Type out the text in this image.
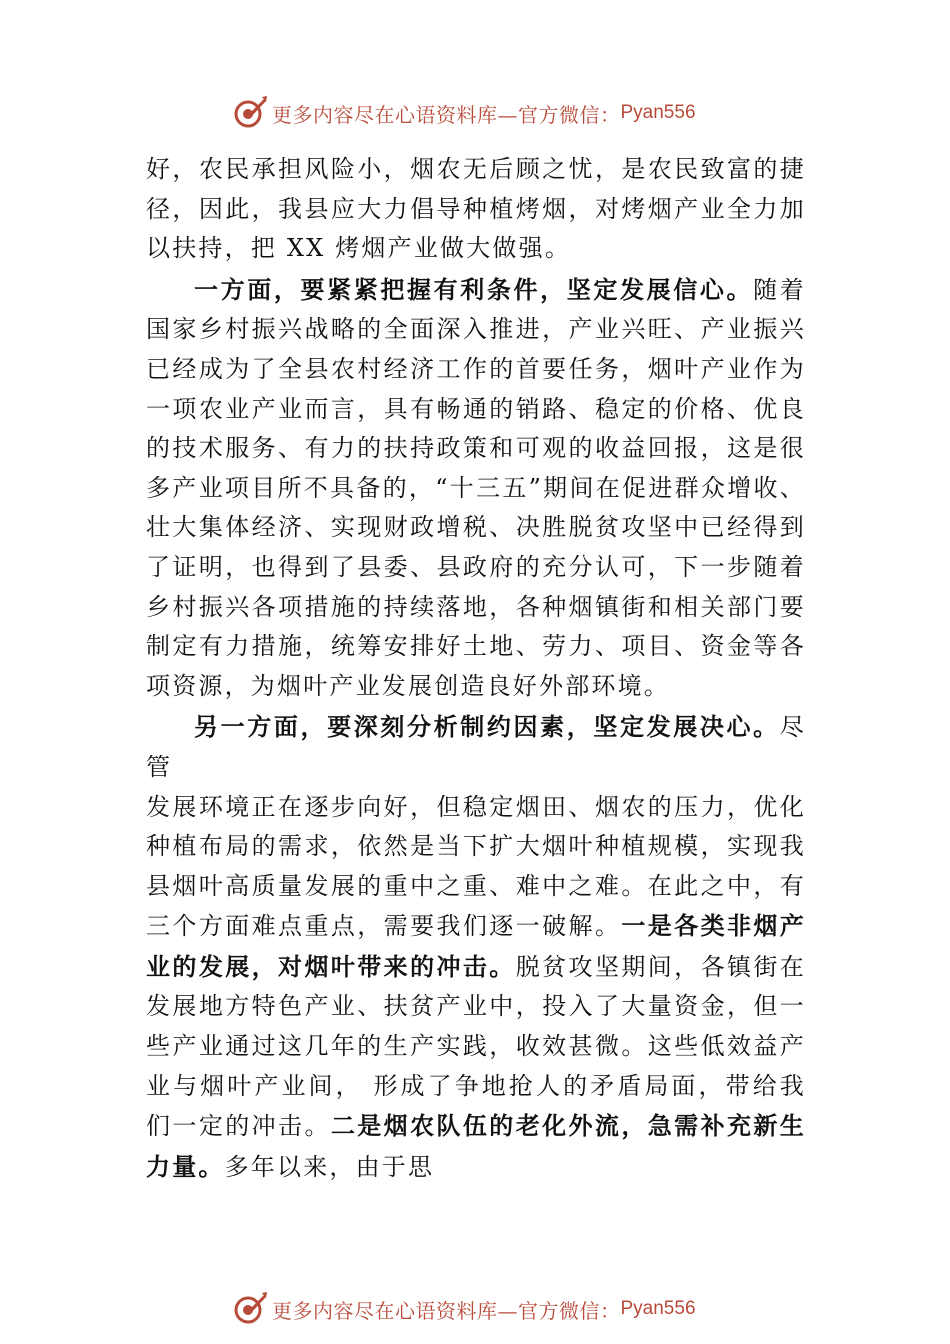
更多内容尽在心语资料库—官方微信： Pyan556

好，农民承担风险小，烟农无后顾之忧，是农民致富的捷径，因此，我县应大力倡导种植烤烟，对烤烟产业全力加以扶持，把 XX 烤烟产业做大做强。

一方面，要紧紧把握有利条件，坚定发展信心。随着国家乡村振兴战略的全面深入推进，产业兴旺、产业振兴已经成为了全县农村经济工作的首要任务，烟叶产业作为一项农业产业而言，具有畅通的销路、稳定的价格、优良的技术服务、有力的扶持政策和可观的收益回报，这是很多产业项目所不具备的，“十三五”期间在促进群众增收、壮大集体经济、实现财政增税、决胜脱贫攻坚中已经得到了证明，也得到了县委、县政府的充分认可，下一步随着乡村振兴各项措施的持续落地，各种烟镇街和相关部门要制定有力措施，统筹安排好土地、劳力、项目、资金等各项资源，为烟叶产业发展创造良好外部环境。

另一方面，要深刻分析制约因素，坚定发展决心。尽管

发展环境正在逐步向好，但稳定烟田、烟农的压力，优化种植布局的需求，依然是当下扩大烟叶种植规模，实现我县烟叶高质量发展的重中之重、难中之难。在此之中，有三个方面难点重点，需要我们逐一破解。一是各类非烟产业的发展，对烟叶带来的冲击。脱贫攻坚期间，各镇街在发展地方特色产业、扶贫产业中，投入了大量资金，但一些产业通过这几年的生产实践，收效甚微。这些低效益产业与烟叶产业间， 形成了争地抢人的矛盾局面，带给我们一定的冲击。二是烟农队伍的老化外流，急需补充新生力量。多年以来，由于思

更多内容尽在心语资料库—官方微信： Pyan556
